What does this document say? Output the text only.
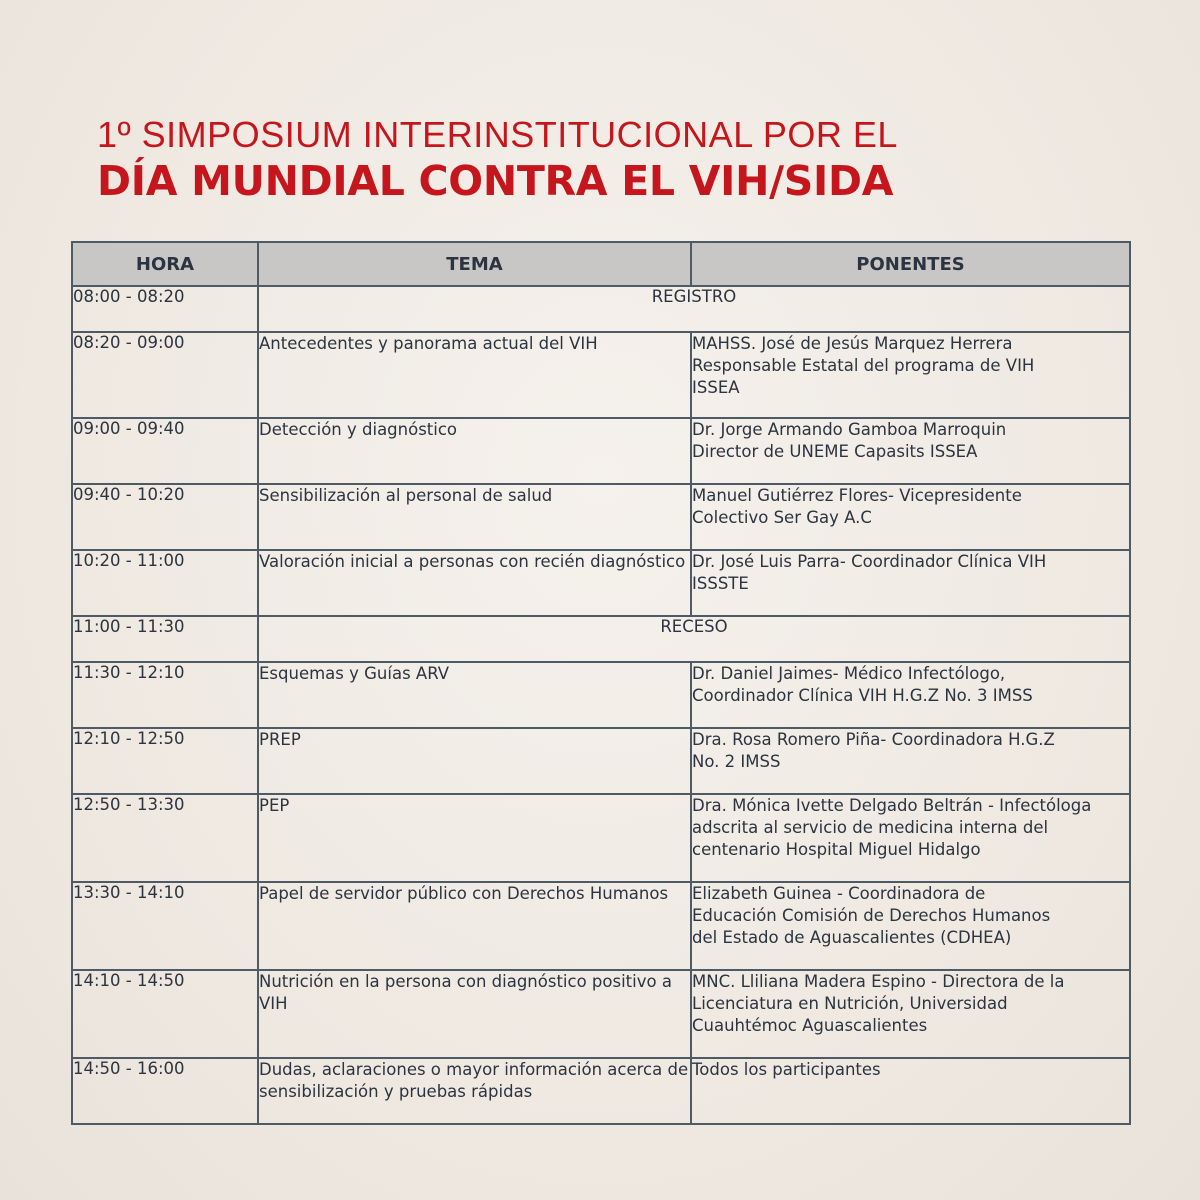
1º SIMPOSIUM INTERINSTITUCIONAL POR EL
DÍA MUNDIAL CONTRA EL VIH/SIDA
HORA	TEMA	PONENTES
08:00 - 08:20	REGISTRO	
08:20 - 09:00	Antecedentes y panorama actual del VIH	MAHSS. José de Jesús Marquez Herrera
Responsable Estatal del programa de VIH
ISSEA

09:00 - 09:40	Detección y diagnóstico	Dr. Jorge Armando Gamboa Marroquin
Director de UNEME Capasits ISSEA

09:40 - 10:20	Sensibilización al personal de salud	Manuel Gutiérrez Flores- Vicepresidente
Colectivo Ser Gay A.C

10:20 - 11:00	Valoración inicial a personas con recién diagnóstico	Dr. José Luis Parra- Coordinador Clínica VIH
ISSSTE

11:00 - 11:30	RECESO	
11:30 - 12:10	Esquemas y Guías ARV	Dr. Daniel Jaimes- Médico Infectólogo,
Coordinador Clínica VIH H.G.Z No. 3 IMSS

12:10 - 12:50	PREP	Dra. Rosa Romero Piña- Coordinadora H.G.Z
No. 2 IMSS

12:50 - 13:30	PEP	Dra. Mónica Ivette Delgado Beltrán - Infectóloga
adscrita al servicio de medicina interna del
centenario Hospital Miguel Hidalgo

13:30 - 14:10	Papel de servidor público con Derechos Humanos	Elizabeth Guinea - Coordinadora de
Educación Comisión de Derechos Humanos
del Estado de Aguascalientes (CDHEA)

14:10 - 14:50	Nutrición en la persona con diagnóstico positivo a VIH	MNC. Lliliana Madera Espino - Directora de la
Licenciatura en Nutrición, Universidad
Cuauhtémoc Aguascalientes

14:50 - 16:00	Dudas, aclaraciones o mayor información acerca de sensibilización y pruebas rápidas	Todos los participantes
